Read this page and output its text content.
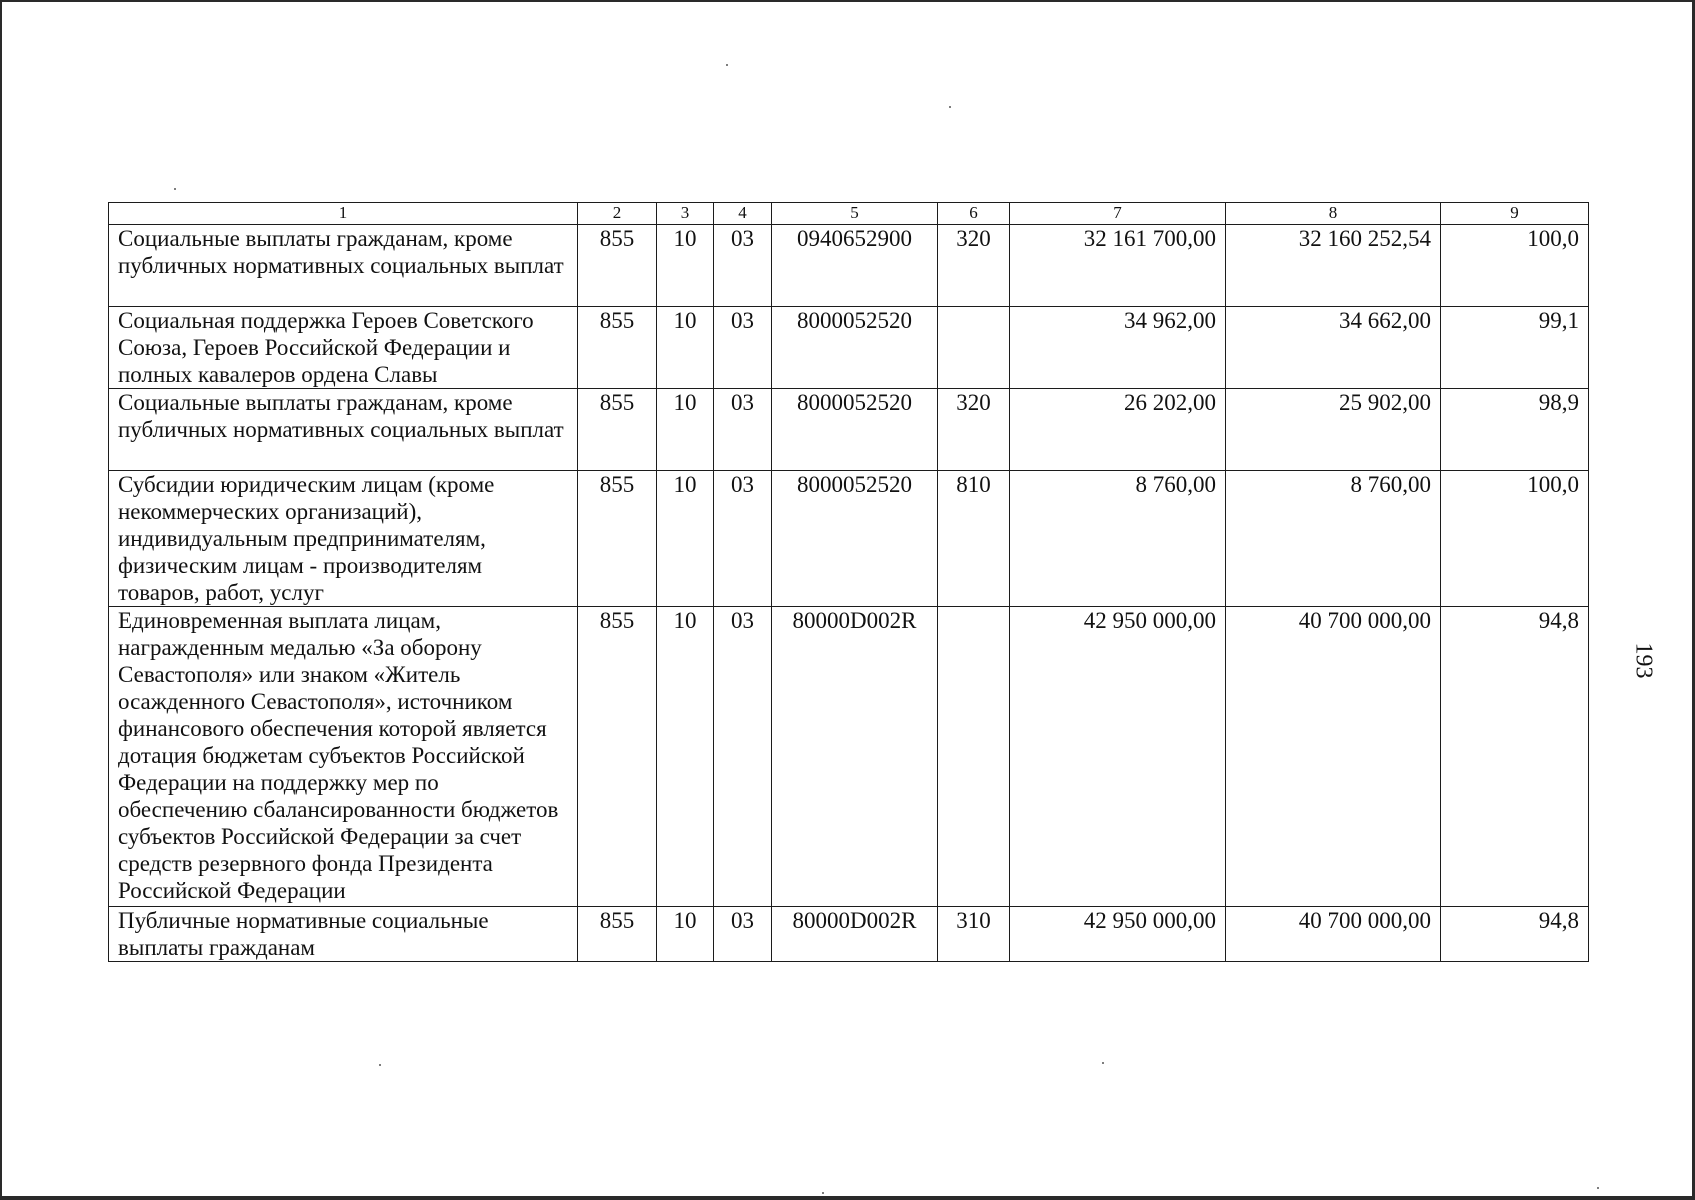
1	2	3	4	5	6	7	8	9
Социальные выплаты гражданам, кроме публичных нормативных социальных выплат	855	10	03	0940652900	320	32 161 700,00	32 160 252,54	100,0
Социальная поддержка Героев Советского Союза, Героев Российской Федерации и полных кавалеров ордена Славы	855	10	03	8000052520		34 962,00	34 662,00	99,1
Социальные выплаты гражданам, кроме публичных нормативных социальных выплат	855	10	03	8000052520	320	26 202,00	25 902,00	98,9
Субсидии юридическим лицам (кроме некоммерческих организаций), индивидуальным предпринимателям, физическим лицам - производителям товаров, работ, услуг	855	10	03	8000052520	810	8 760,00	8 760,00	100,0
Единовременная выплата лицам, награжденным медалью «За оборону Севастополя» или знаком «Житель осажденного Севастополя», источником финансового обеспечения которой является дотация бюджетам субъектов Российской Федерации на поддержку мер по обеспечению сбалансированности бюджетов субъектов Российской Федерации за счет средств резервного фонда Президента Российской Федерации	855	10	03	80000D002R		42 950 000,00	40 700 000,00	94,8
Публичные нормативные социальные выплаты гражданам	855	10	03	80000D002R	310	42 950 000,00	40 700 000,00	94,8
193
